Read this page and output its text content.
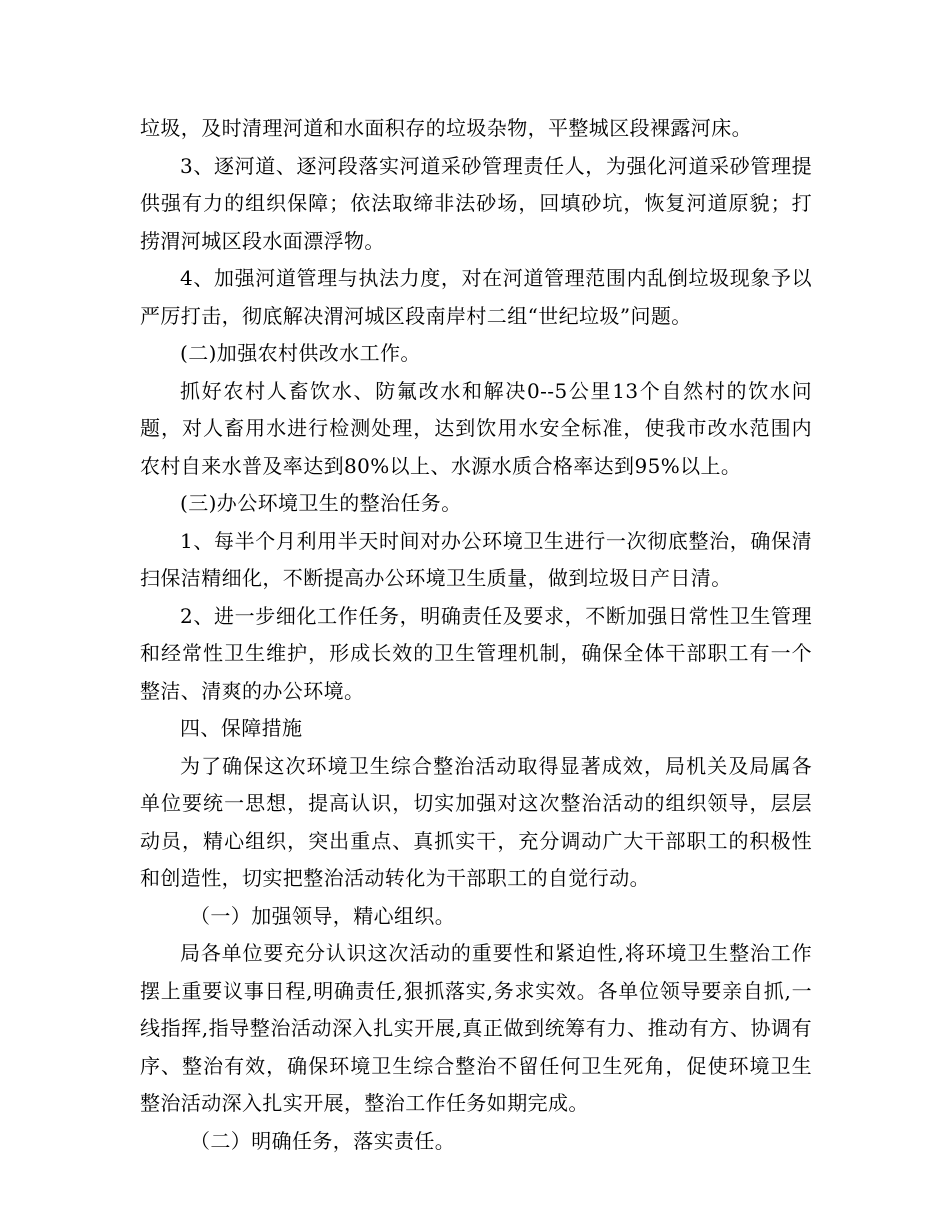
垃圾，及时清理河道和水面积存的垃圾杂物，平整城区段裸露河床。

3、逐河道、逐河段落实河道采砂管理责任人，为强化河道采砂管理提供强有力的组织保障；依法取缔非法砂场，回填砂坑，恢复河道原貌；打捞渭河城区段水面漂浮物。

4、加强河道管理与执法力度，对在河道管理范围内乱倒垃圾现象予以严厉打击，彻底解决渭河城区段南岸村二组“世纪垃圾”问题。

(二)加强农村供改水工作。

抓好农村人畜饮水、防氟改水和解决0--5公里13个自然村的饮水问题，对人畜用水进行检测处理，达到饮用水安全标准，使我市改水范围内农村自来水普及率达到80%以上、水源水质合格率达到95%以上。

(三)办公环境卫生的整治任务。

1、每半个月利用半天时间对办公环境卫生进行一次彻底整治，确保清扫保洁精细化，不断提高办公环境卫生质量，做到垃圾日产日清。

2、进一步细化工作任务，明确责任及要求，不断加强日常性卫生管理和经常性卫生维护，形成长效的卫生管理机制，确保全体干部职工有一个整洁、清爽的办公环境。

四、保障措施

为了确保这次环境卫生综合整治活动取得显著成效，局机关及局属各单位要统一思想，提高认识，切实加强对这次整治活动的组织领导，层层动员，精心组织，突出重点、真抓实干，充分调动广大干部职工的积极性和创造性，切实把整治活动转化为干部职工的自觉行动。

（一）加强领导，精心组织。

局各单位要充分认识这次活动的重要性和紧迫性,将环境卫生整治工作摆上重要议事日程,明确责任,狠抓落实,务求实效。各单位领导要亲自抓,一线指挥,指导整治活动深入扎实开展,真正做到统筹有力、推动有方、协调有序、整治有效，确保环境卫生综合整治不留任何卫生死角，促使环境卫生整治活动深入扎实开展，整治工作任务如期完成。

（二）明确任务，落实责任。
